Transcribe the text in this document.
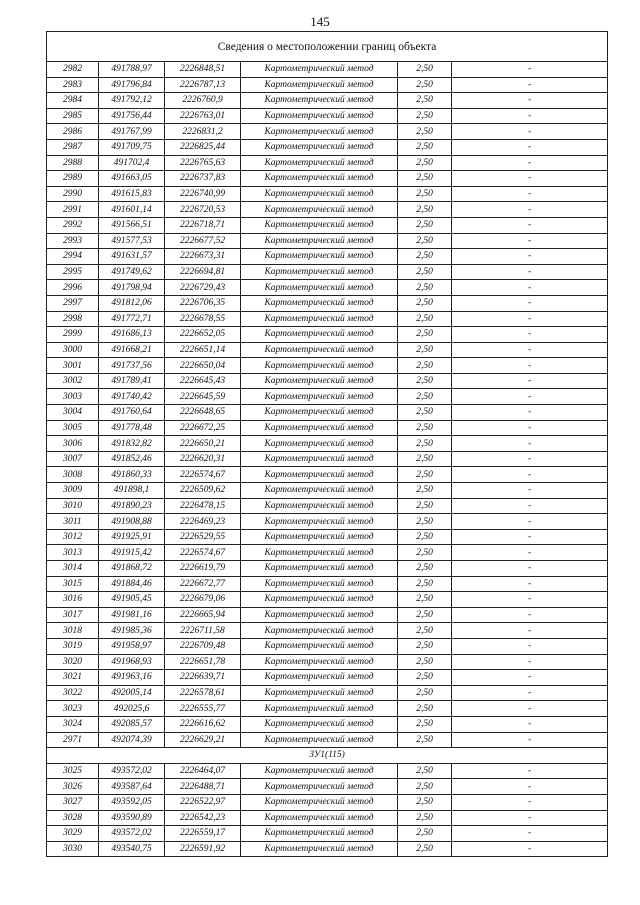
145
Сведения о местоположении границ объекта					
2982	491788,97	2226848,51	Картометрический метод	2,50	-
2983	491796,84	2226787,13	Картометрический метод	2,50	-
2984	491792,12	2226760,9	Картометрический метод	2,50	-
2985	491756,44	2226763,01	Картометрический метод	2,50	-
2986	491767,99	2226831,2	Картометрический метод	2,50	-
2987	491709,75	2226825,44	Картометрический метод	2,50	-
2988	491702,4	2226765,63	Картометрический метод	2,50	-
2989	491663,05	2226737,83	Картометрический метод	2,50	-
2990	491615,83	2226740,99	Картометрический метод	2,50	-
2991	491601,14	2226720,53	Картометрический метод	2,50	-
2992	491566,51	2226718,71	Картометрический метод	2,50	-
2993	491577,53	2226677,52	Картометрический метод	2,50	-
2994	491631,57	2226673,31	Картометрический метод	2,50	-
2995	491749,62	2226694,81	Картометрический метод	2,50	-
2996	491798,94	2226729,43	Картометрический метод	2,50	-
2997	491812,06	2226706,35	Картометрический метод	2,50	-
2998	491772,71	2226678,55	Картометрический метод	2,50	-
2999	491686,13	2226652,05	Картометрический метод	2,50	-
3000	491668,21	2226651,14	Картометрический метод	2,50	-
3001	491737,56	2226650,04	Картометрический метод	2,50	-
3002	491789,41	2226645,43	Картометрический метод	2,50	-
3003	491740,42	2226645,59	Картометрический метод	2,50	-
3004	491760,64	2226648,65	Картометрический метод	2,50	-
3005	491778,48	2226672,25	Картометрический метод	2,50	-
3006	491832,82	2226650,21	Картометрический метод	2,50	-
3007	491852,46	2226620,31	Картометрический метод	2,50	-
3008	491860,33	2226574,67	Картометрический метод	2,50	-
3009	491898,1	2226509,62	Картометрический метод	2,50	-
3010	491890,23	2226478,15	Картометрический метод	2,50	-
3011	491908,88	2226469,23	Картометрический метод	2,50	-
3012	491925,91	2226529,55	Картометрический метод	2,50	-
3013	491915,42	2226574,67	Картометрический метод	2,50	-
3014	491868,72	2226619,79	Картометрический метод	2,50	-
3015	491884,46	2226672,77	Картометрический метод	2,50	-
3016	491905,45	2226679,06	Картометрический метод	2,50	-
3017	491981,16	2226665,94	Картометрический метод	2,50	-
3018	491985,36	2226711,58	Картометрический метод	2,50	-
3019	491958,97	2226709,48	Картометрический метод	2,50	-
3020	491968,93	2226651,78	Картометрический метод	2,50	-
3021	491963,16	2226639,71	Картометрический метод	2,50	-
3022	492005,14	2226578,61	Картометрический метод	2,50	-
3023	492025,6	2226555,77	Картометрический метод	2,50	-
3024	492085,57	2226616,62	Картометрический метод	2,50	-
2971	492074,39	2226629,21	Картометрический метод	2,50	-
ЗУ1(115)					
3025	493572,02	2226464,07	Картометрический метод	2,50	-
3026	493587,64	2226488,71	Картометрический метод	2,50	-
3027	493592,05	2226522,97	Картометрический метод	2,50	-
3028	493590,89	2226542,23	Картометрический метод	2,50	-
3029	493572,02	2226559,17	Картометрический метод	2,50	-
3030	493540,75	2226591,92	Картометрический метод	2,50	-
